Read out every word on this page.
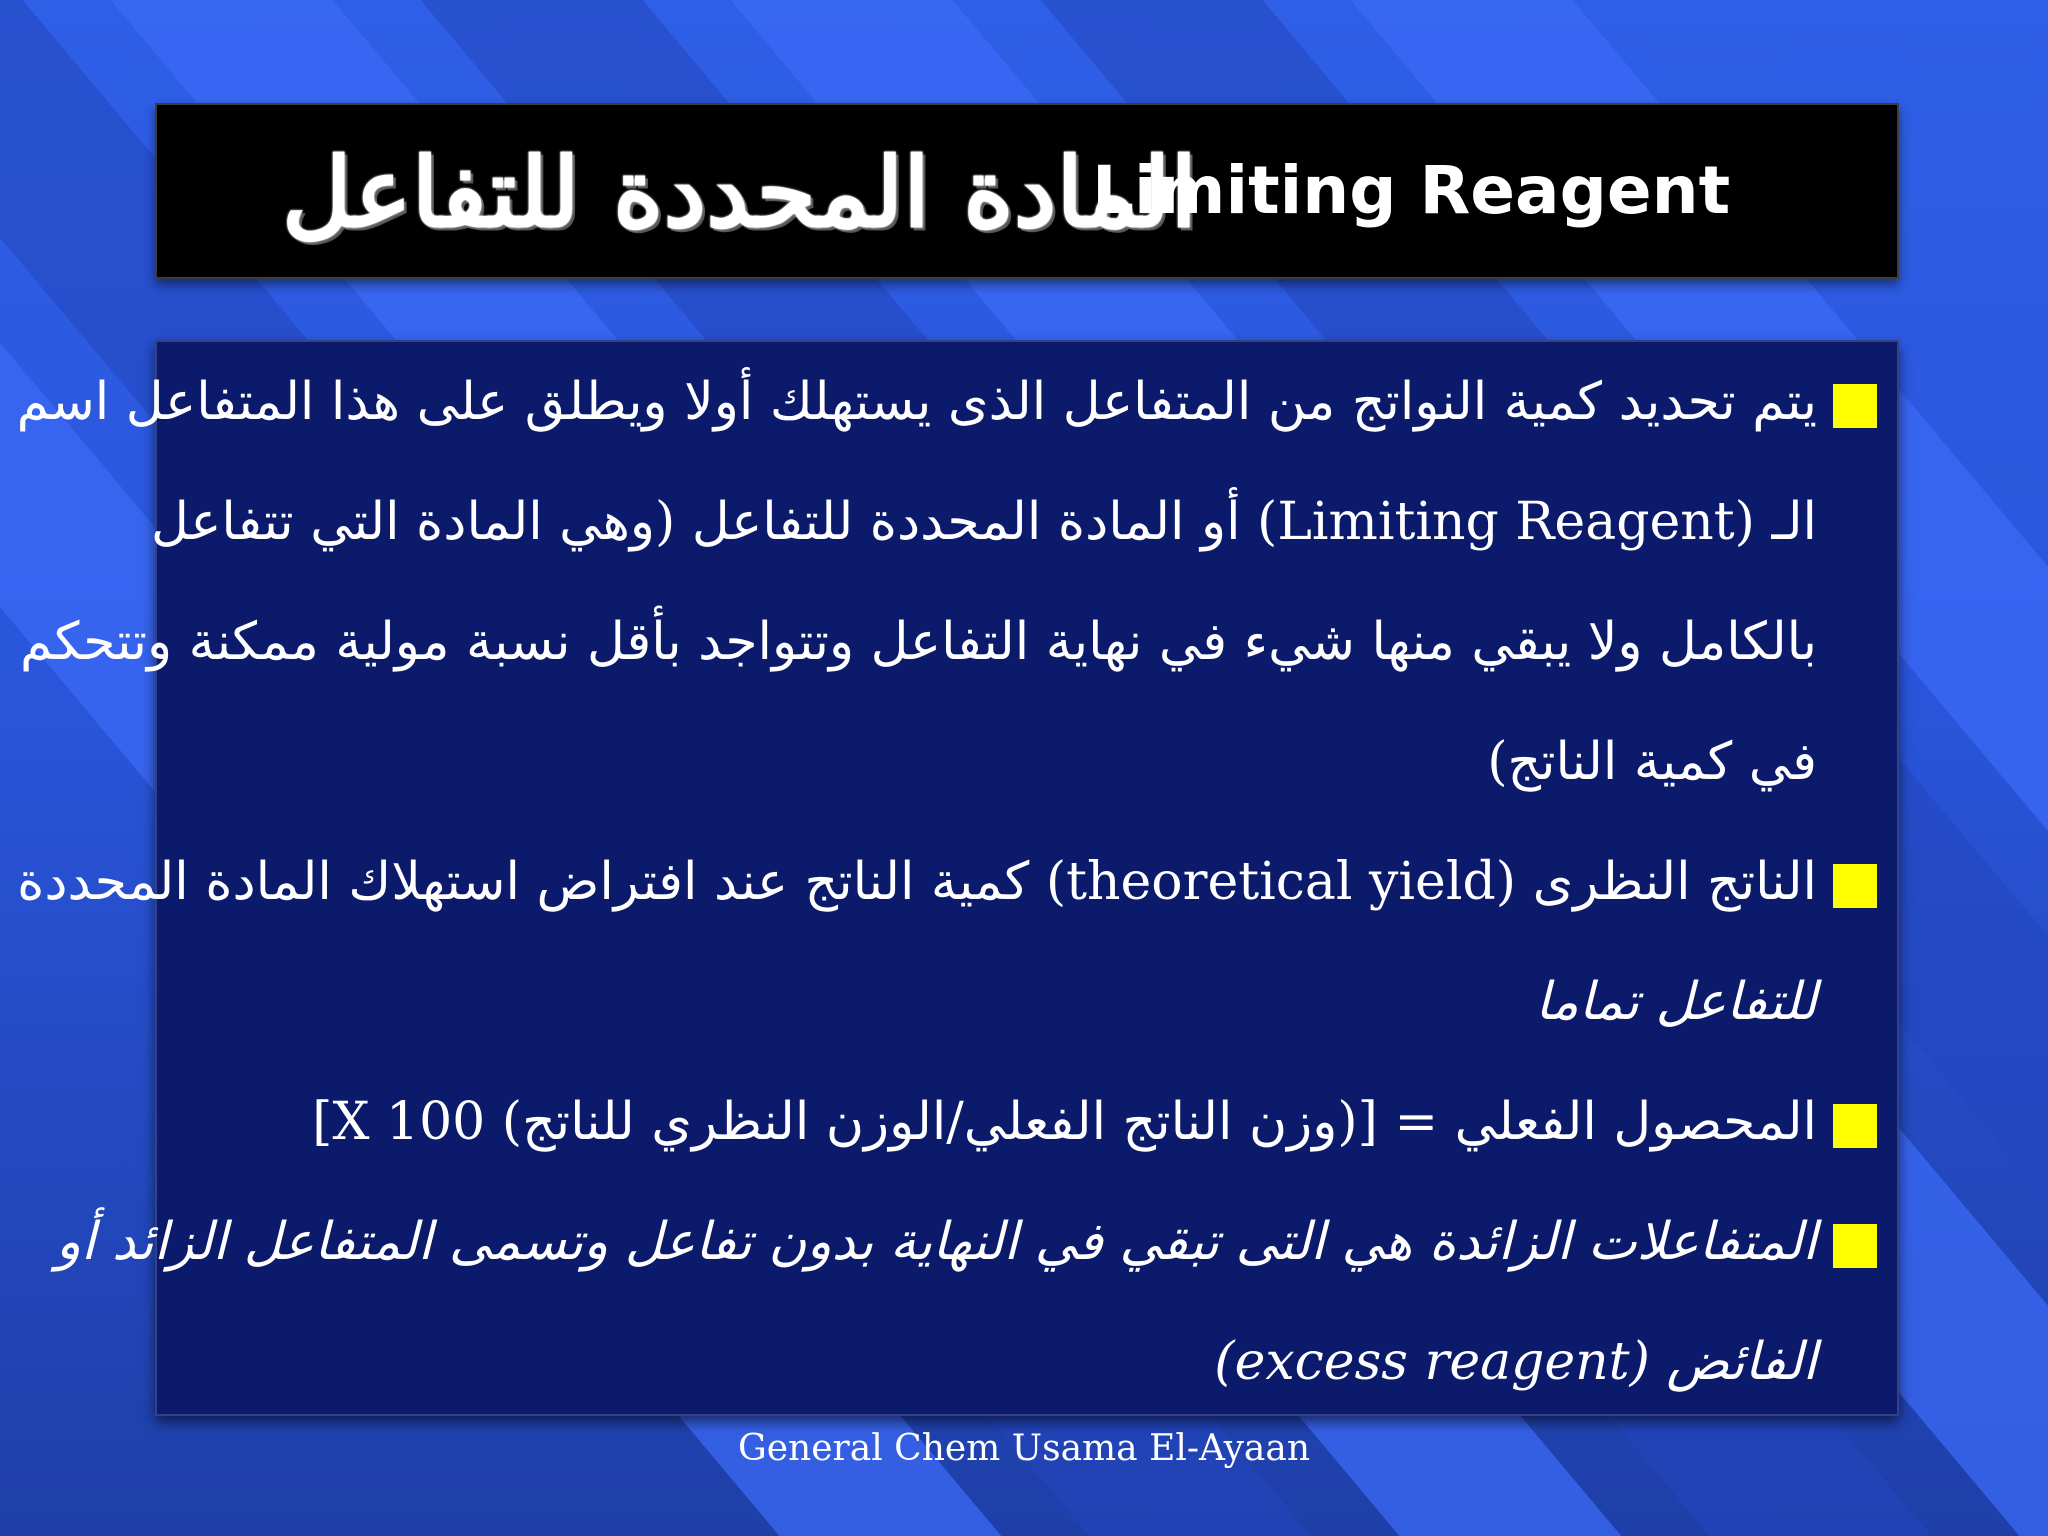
المادة المحددة للتفاعل
Limiting Reagent
يتم تحديد كمية النواتج من المتفاعل الذى يستهلك أولا ويطلق على هذا المتفاعل اسم
الـ (Limiting Reagent) أو المادة المحددة للتفاعل (وهي المادة التي تتفاعل
بالكامل ولا يبقي منها شيء في نهاية التفاعل وتتواجد بأقل نسبة مولية ممكنة وتتحكم
في كمية الناتج)
الناتج النظرى (theoretical yield) كمية الناتج عند افتراض استهلاك المادة المحددة
للتفاعل تماما
المحصول الفعلي = [(وزن الناتج الفعلي/الوزن النظري للناتج) X 100]
المتفاعلات الزائدة هي التى تبقي في النهاية بدون تفاعل وتسمى المتفاعل الزائد أو
الفائض (excess reagent)
General Chem Usama El-Ayaan
